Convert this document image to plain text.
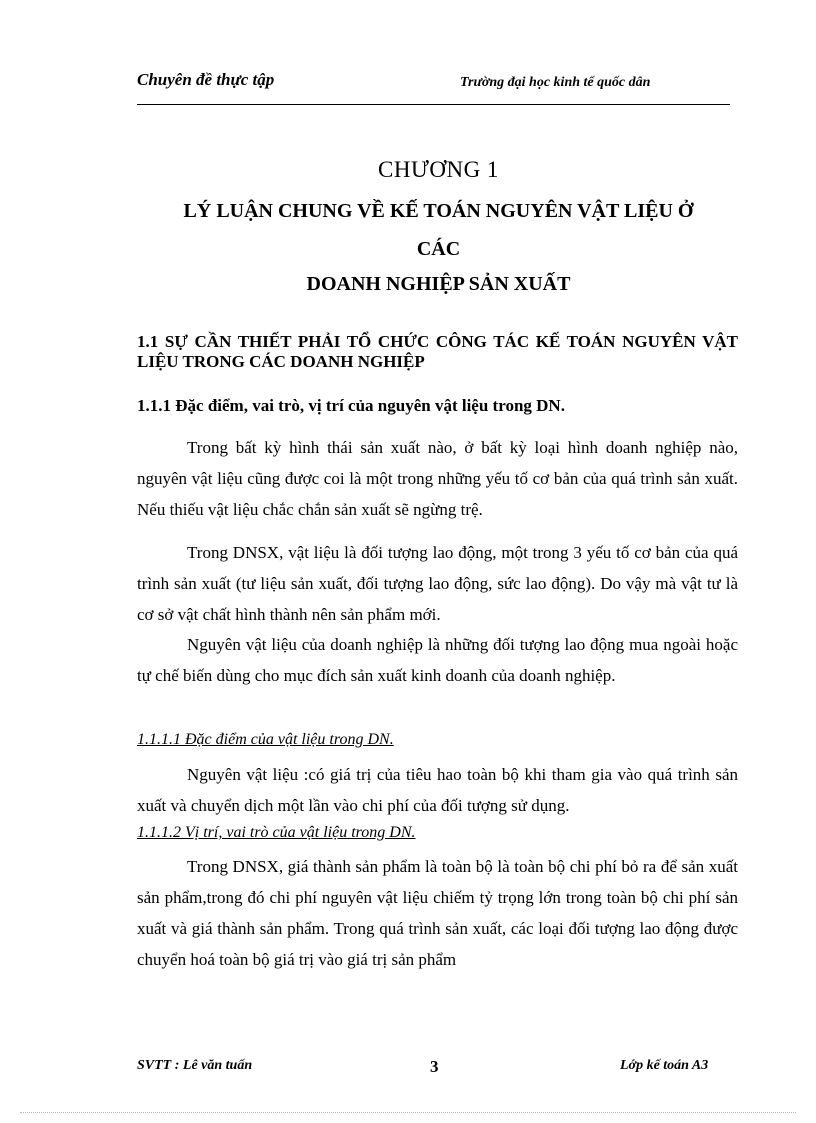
Chuyên đề thực tập	Trường đại học kinh tế quốc dân
CHƯƠNG 1
LÝ LUẬN CHUNG VỀ KẾ TOÁN NGUYÊN VẬT LIỆU Ở
CÁC
DOANH NGHIỆP SẢN XUẤT
1.1 SỰ CẦN THIẾT PHẢI TỔ CHỨC CÔNG TÁC KẾ TOÁN NGUYÊN VẬT LIỆU TRONG CÁC DOANH NGHIỆP
1.1.1 Đặc điểm, vai trò, vị trí của nguyên vật liệu trong DN.
Trong bất kỳ hình thái sản xuất nào, ở bất kỳ loại hình doanh nghiệp nào, nguyên vật liệu cũng được coi là một trong những yếu tố cơ bản của quá trình sản xuất. Nếu thiếu vật liệu chắc chắn sản xuất sẽ ngừng trệ.
Trong DNSX, vật liệu là đối tượng lao động, một trong 3 yếu tố cơ bản của quá trình sản xuất (tư liệu sản xuất, đối tượng lao động, sức lao động). Do vậy mà vật tư là cơ sở vật chất hình thành nên sản phẩm mới.
Nguyên vật liệu của doanh nghiệp là những đối tượng lao động mua ngoài hoặc tự chế biến dùng cho mục đích sản xuất kinh doanh của doanh nghiệp.
1.1.1.1 Đặc điểm của vật liệu trong DN.
Nguyên vật liệu :có giá trị của tiêu hao toàn bộ khi tham gia vào quá trình sản xuất và chuyển dịch một lần vào chi phí của đối tượng sử dụng.
1.1.1.2 Vị trí, vai trò của vật liệu trong DN.
Trong DNSX, giá thành sản phẩm là toàn bộ là toàn bộ chi phí bỏ ra để sản xuất sản phẩm,trong đó chi phí nguyên vật liệu chiếm tỷ trọng lớn trong toàn bộ chi phí sản xuất và giá thành sản phẩm. Trong quá trình sản xuất, các loại đối tượng lao động được chuyển hoá toàn bộ giá trị vào giá trị sản phẩm
SVTT : Lê văn tuấn	3	Lớp kế toán A3
